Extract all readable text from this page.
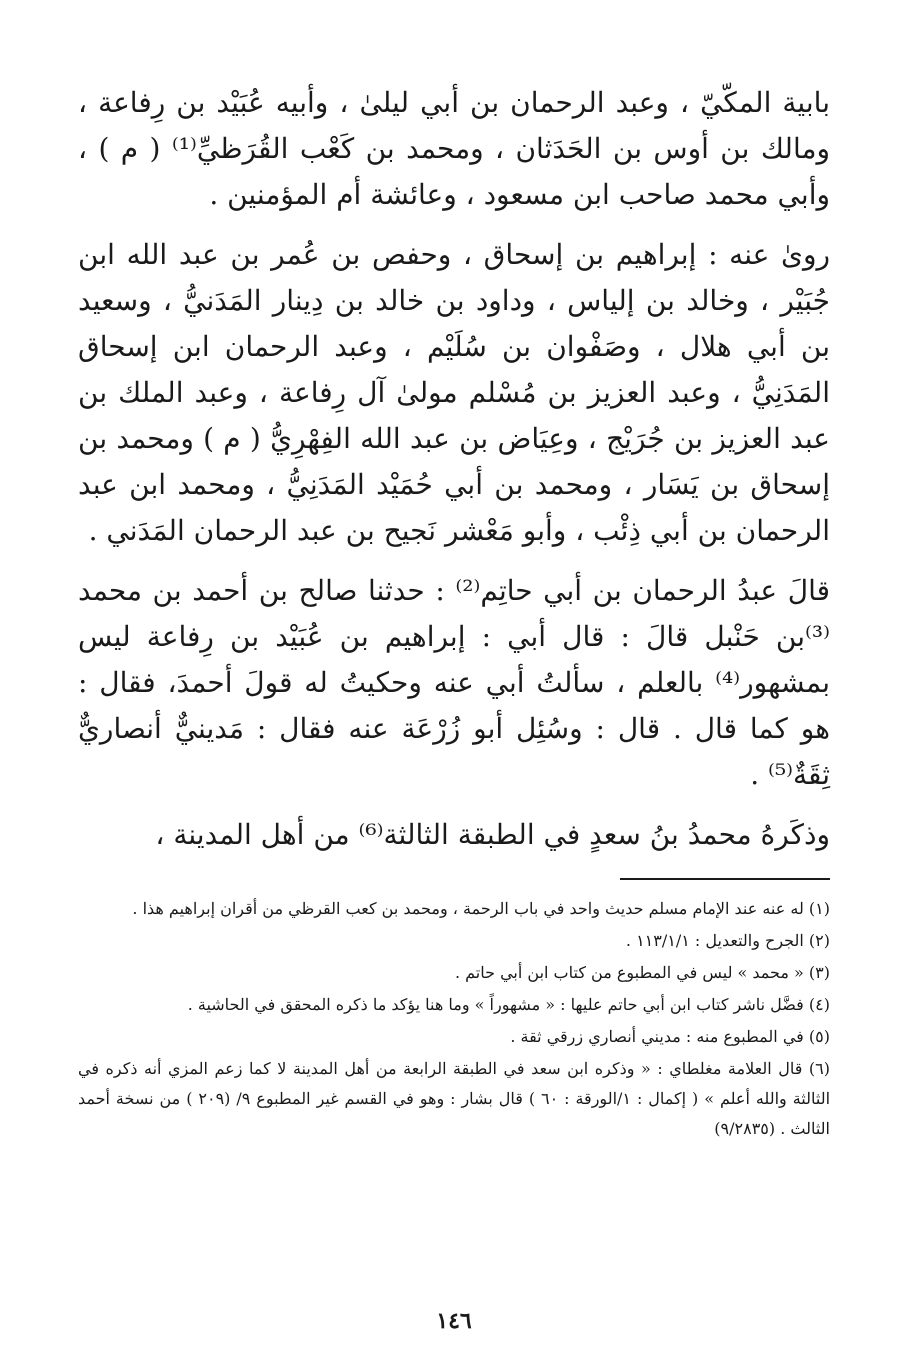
بابية المكّيّ ، وعبد الرحمان بن أبي ليلىٰ ، وأبيه عُبَيْد بن رِفاعة ، ومالك بن أوس بن الحَدَثان ، ومحمد بن كَعْب القُرَظيِّ⁽¹⁾ ( م ) ، وأبي محمد صاحب ابن مسعود ، وعائشة أم المؤمنين .

روىٰ عنه : إبراهيم بن إسحاق ، وحفص بن عُمر بن عبد الله ابن جُبَيْر ، وخالد بن إلياس ، وداود بن خالد بن دِينار المَدَنيُّ ، وسعيد بن أبي هلال ، وصَفْوان بن سُلَيْم ، وعبد الرحمان ابن إسحاق المَدَنِيُّ ، وعبد العزيز بن مُسْلم مولىٰ آل رِفاعة ، وعبد الملك بن عبد العزيز بن جُرَيْج ، وعِيَاض بن عبد الله الفِهْرِيُّ ( م ) ومحمد بن إسحاق بن يَسَار ، ومحمد بن أبي حُمَيْد المَدَنِيُّ ، ومحمد ابن عبد الرحمان بن أبي ذِئْب ، وأبو مَعْشر نَجيح بن عبد الرحمان المَدَني .

قالَ عبدُ الرحمان بن أبي حاتِم⁽²⁾ : حدثنا صالح بن أحمد بن محمد ⁽³⁾بن حَنْبل قالَ : قال أبي : إبراهيم بن عُبَيْد بن رِفاعة ليس بمشهور⁽⁴⁾ بالعلم ، سألتُ أبي عنه وحكيتُ له قولَ أحمدَ، فقال : هو كما قال . قال : وسُئِل أبو زُرْعَة عنه فقال : مَدينيٌّ أنصاريٌّ ثِقَةٌ⁽⁵⁾ .

وذكَرهُ محمدُ بنُ سعدٍ في الطبقة الثالثة⁽⁶⁾ من أهل المدينة ،

(١) له عنه عند الإمام مسلم حديث واحد في باب الرحمة ، ومحمد بن كعب القرظي من أقران إبراهيم هذا .

(٢) الجرح والتعديل : ١١٣/١/١ .

(٣) « محمد » ليس في المطبوع من كتاب ابن أبي حاتم .

(٤) فضَّل ناشر كتاب ابن أبي حاتم عليها : « مشهوراً » وما هنا يؤكد ما ذكره المحقق في الحاشية .

(٥) في المطبوع منه : مديني أنصاري زرقي ثقة .

(٦) قال العلامة مغلطاي : « وذكره ابن سعد في الطبقة الرابعة من أهل المدينة لا كما زعم المزي أنه ذكره في الثالثة والله أعلم » ( إكمال : ١/الورقة : ٦٠ ) قال بشار : وهو في القسم غير المطبوع ٩/ (٢٠٩ ) من نسخة أحمد الثالث . (٩/٢٨٣٥)

١٤٦
